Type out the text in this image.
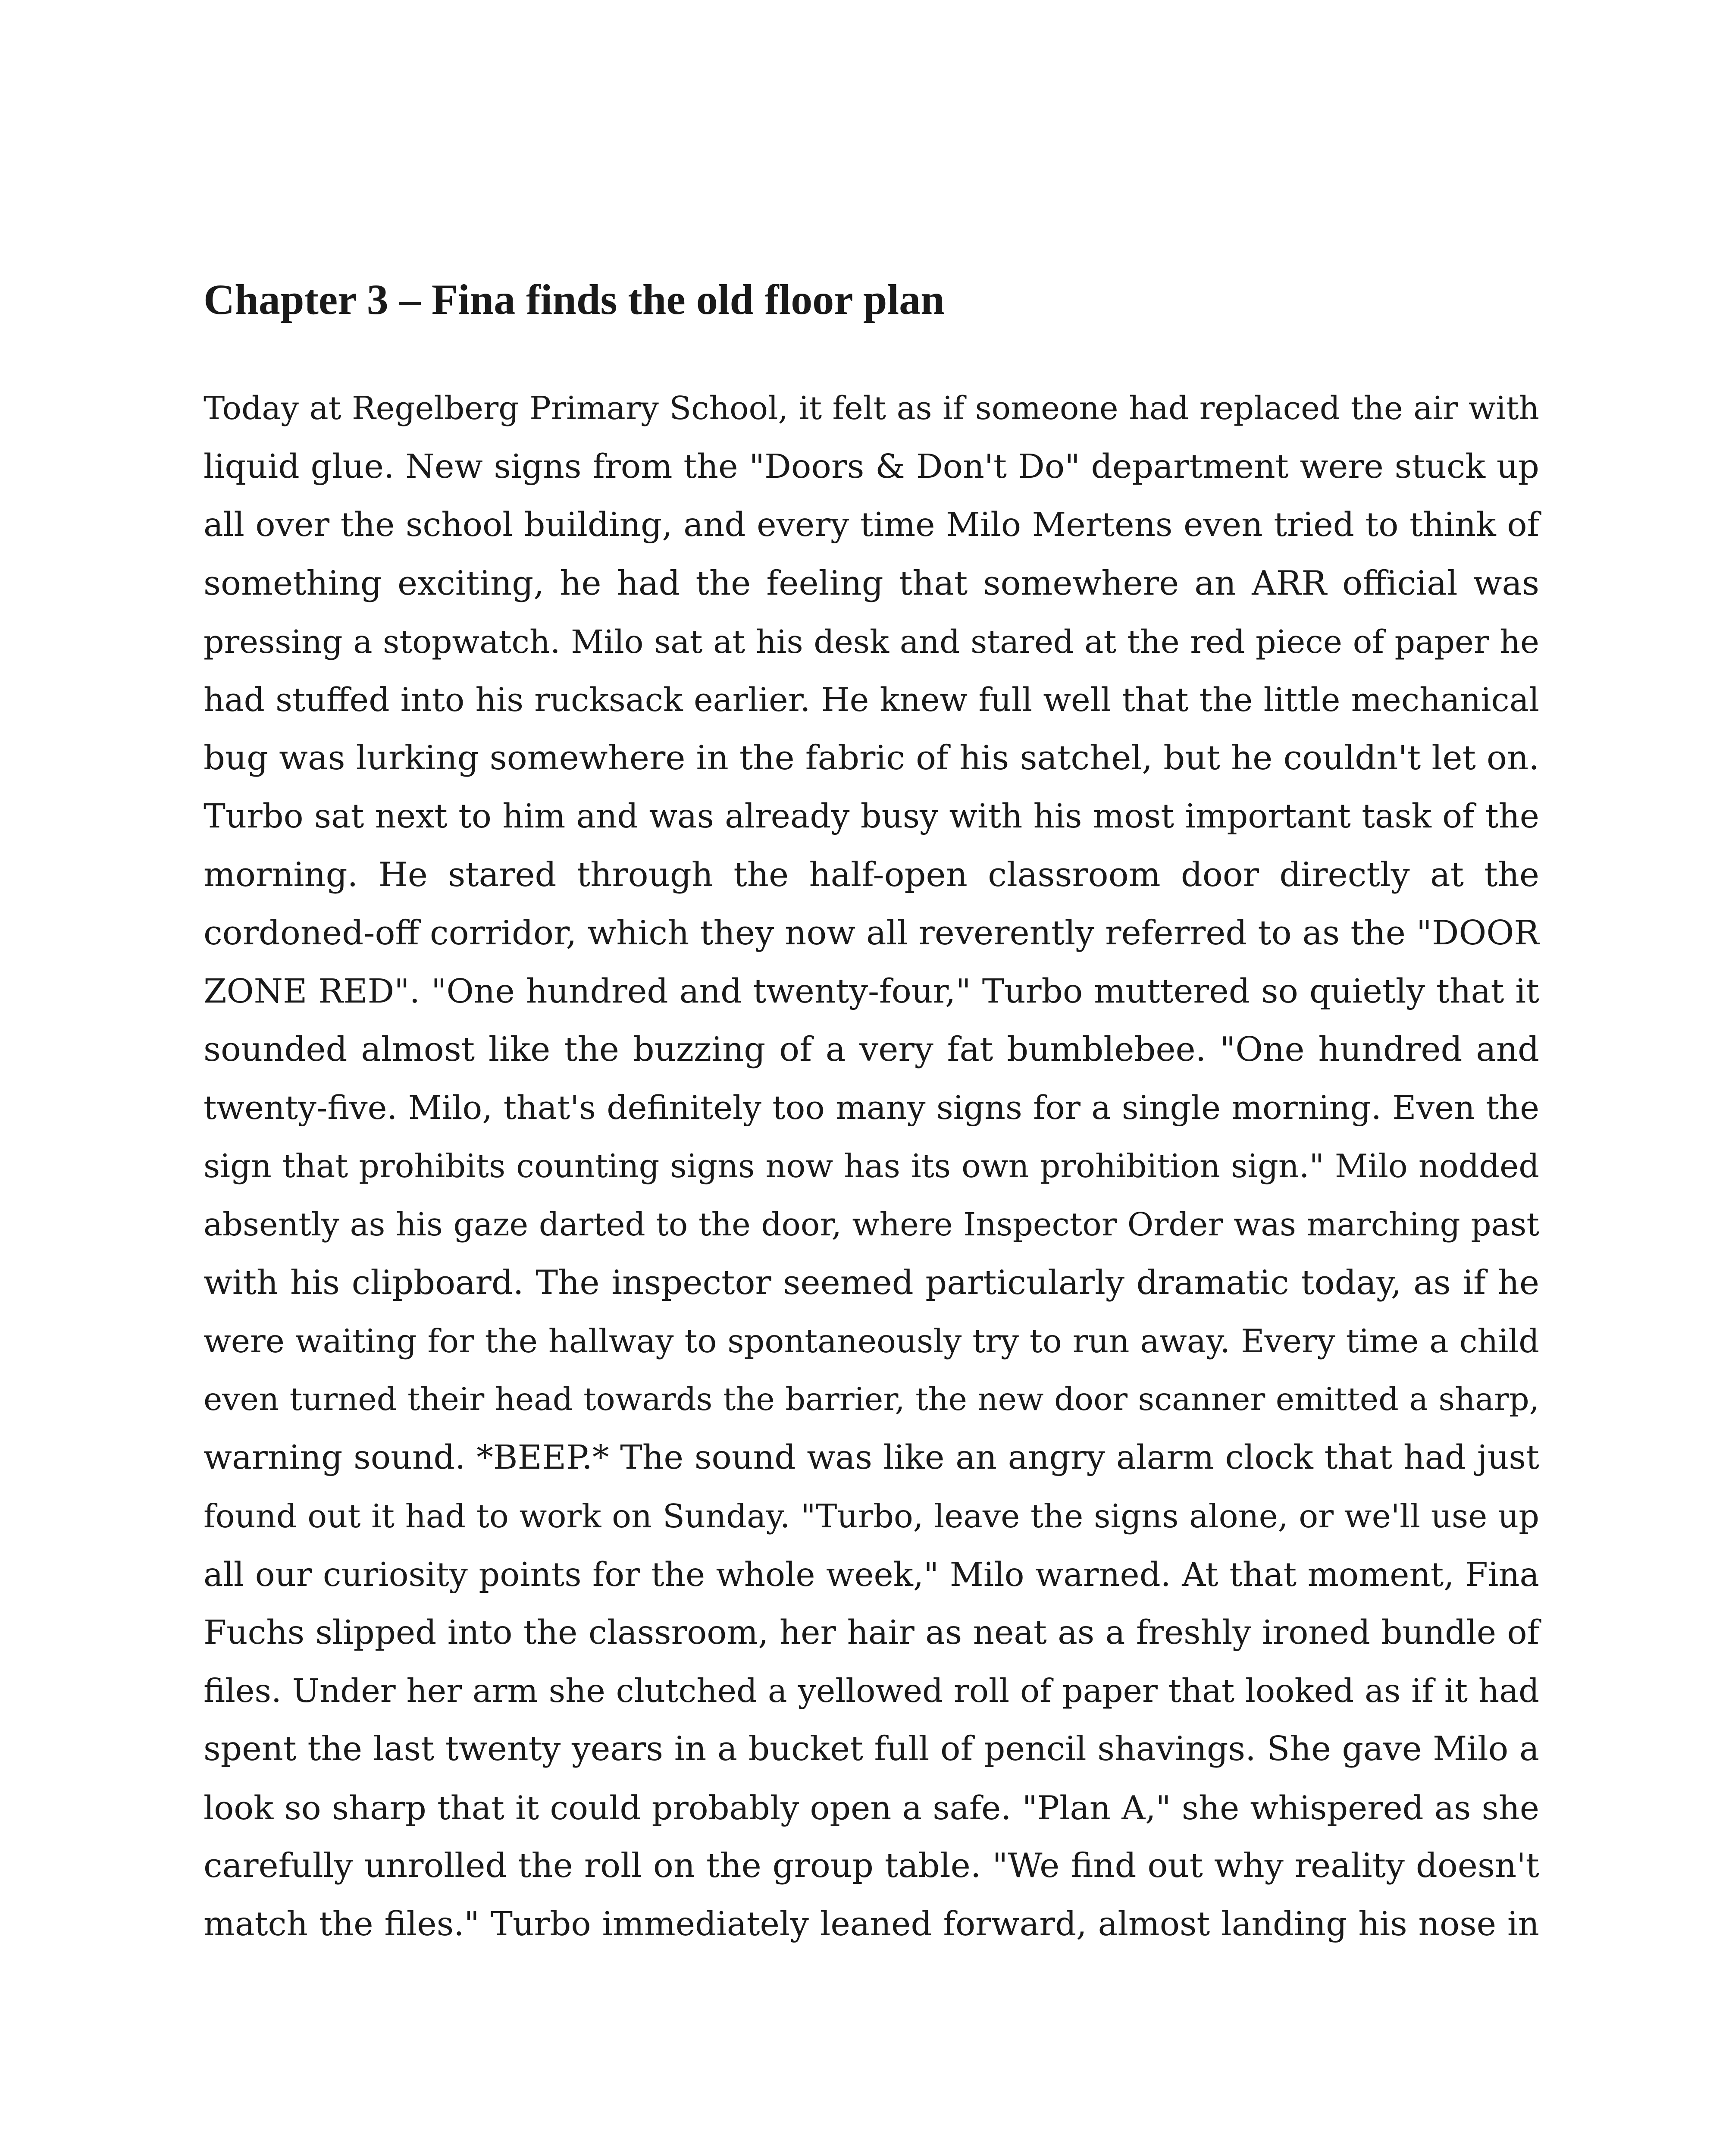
Chapter 3 – Fina finds the old floor plan
Today at Regelberg Primary School, it felt as if someone had replaced the air with
liquid glue. New signs from the "Doors & Don't Do" department were stuck up
all over the school building, and every time Milo Mertens even tried to think of
something exciting, he had the feeling that somewhere an ARR official was
pressing a stopwatch. Milo sat at his desk and stared at the red piece of paper he
had stuffed into his rucksack earlier. He knew full well that the little mechanical
bug was lurking somewhere in the fabric of his satchel, but he couldn't let on.
Turbo sat next to him and was already busy with his most important task of the
morning. He stared through the half-open classroom door directly at the
cordoned-off corridor, which they now all reverently referred to as the "DOOR
ZONE RED". "One hundred and twenty-four," Turbo muttered so quietly that it
sounded almost like the buzzing of a very fat bumblebee. "One hundred and
twenty-five. Milo, that's definitely too many signs for a single morning. Even the
sign that prohibits counting signs now has its own prohibition sign." Milo nodded
absently as his gaze darted to the door, where Inspector Order was marching past
with his clipboard. The inspector seemed particularly dramatic today, as if he
were waiting for the hallway to spontaneously try to run away. Every time a child
even turned their head towards the barrier, the new door scanner emitted a sharp,
warning sound. *BEEP.* The sound was like an angry alarm clock that had just
found out it had to work on Sunday. "Turbo, leave the signs alone, or we'll use up
all our curiosity points for the whole week," Milo warned. At that moment, Fina
Fuchs slipped into the classroom, her hair as neat as a freshly ironed bundle of
files. Under her arm she clutched a yellowed roll of paper that looked as if it had
spent the last twenty years in a bucket full of pencil shavings. She gave Milo a
look so sharp that it could probably open a safe. "Plan A," she whispered as she
carefully unrolled the roll on the group table. "We find out why reality doesn't
match the files." Turbo immediately leaned forward, almost landing his nose in
